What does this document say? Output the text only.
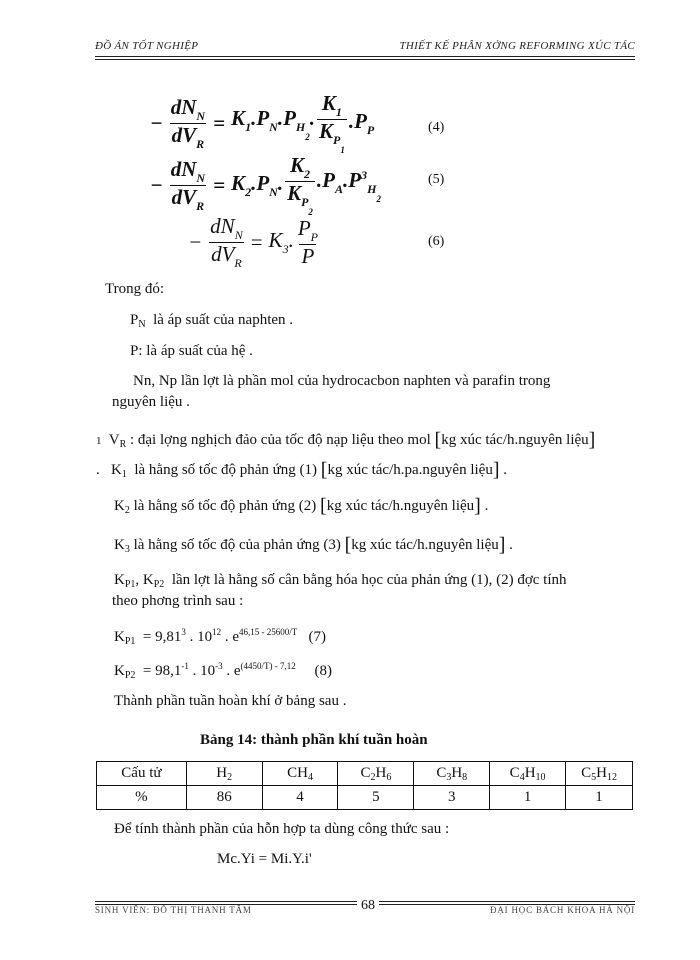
ĐỒ ÁN TỐT NGHIỆP	THIẾT KẾ PHÂN XỞNG REFORMING XÚC TÁC
− $\frac{dN_N}{dV_R} = K_1.P_N.P_{H_2}$. $\frac{K_1}{K_{P_1}} .P_P$	(4)
− $\frac{dN_N}{dV_R} = K_2.P_N$. $\frac{K_2}{K_{P_2}} .P_A.P^3_{H_2}$
(5)
− $\frac{dN_N}{dV_R} = K_3$. $\frac{P_P}{P}$	(6)
Trong đó:
$P_N$ là áp suất của naphten .
P: là áp suất của hệ .
Nn, Np lần lợt là phần mol của hydrocacbon naphten và parafin trong
nguyên liệu .
1  $V_R$ : đại lợng nghịch đảo của tốc độ nạp liệu theo mol [kg xúc tác/h.nguyên liệu]
.   $K_1$ là hằng số tốc độ phản ứng (1) [kg xúc tác/h.pa.nguyên liệu] .
$K_2$ là hằng số tốc độ phản ứng (2) [kg xúc tác/h.nguyên liệu] .
$K_3$ là hằng số tốc độ của phản ứng (3) [kg xúc tác/h.nguyên liệu] .
$K_{P1}$, $K_{P2}$ lần lợt là hằng số cân bằng hóa học của phản ứng (1), (2) đợc tính
theo phơng trình sau :
$K_{P1} = 9,81^3$ . $10^{12}$ . $e^{46,15 - 25600/T}$ (7)
$K_{P2} = 98,1^{-1}$ . $10^{-3}$ . $e^{(4450/T) - 7,12}$ (8)
Thành phần tuần hoàn khí ở bảng sau .
Bảng 14: thành phần khí tuần hoàn
Cấu tử	$H_2$	$CH_4$	$C_2H_6$	$C_3H_8$	$C_4H_{10}$	$C_5H_{12}$
%	86	4	5	3	1	1
Để tính thành phần của hỗn hợp ta dùng công thức sau :
Mc.Yi = Mi.Y.i'
SINH VIÊN: ĐỖ THỊ THANH TÂM	68	ĐẠI HỌC BÁCH KHOA HÀ NỘI
